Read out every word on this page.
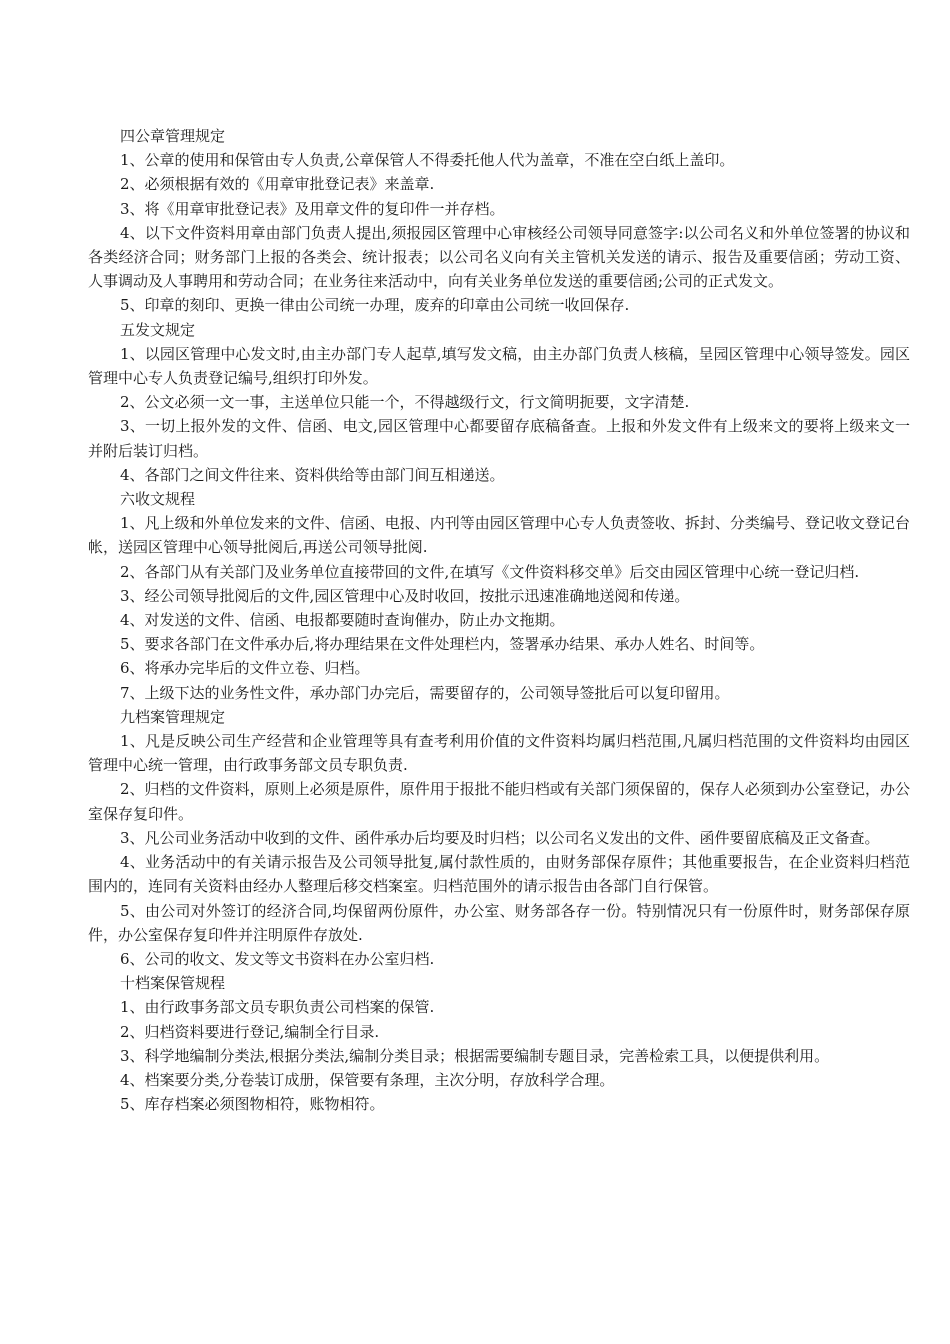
四公章管理规定

1、公章的使用和保管由专人负责,公章保管人不得委托他人代为盖章，不准在空白纸上盖印。

2、必须根据有效的《用章审批登记表》来盖章.

3、将《用章审批登记表》及用章文件的复印件一并存档。

4、以下文件资料用章由部门负责人提出,须报园区管理中心审核经公司领导同意签字:以公司名义和外单位签署的协议和各类经济合同；财务部门上报的各类会、统计报表；以公司名义向有关主管机关发送的请示、报告及重要信函；劳动工资、人事调动及人事聘用和劳动合同；在业务往来活动中，向有关业务单位发送的重要信函;公司的正式发文。

5、印章的刻印、更换一律由公司统一办理，废弃的印章由公司统一收回保存.

五发文规定

1、以园区管理中心发文时,由主办部门专人起草,填写发文稿，由主办部门负责人核稿，呈园区管理中心领导签发。园区管理中心专人负责登记编号,组织打印外发。

2、公文必须一文一事，主送单位只能一个，不得越级行文，行文简明扼要，文字清楚.

3、一切上报外发的文件、信函、电文,园区管理中心都要留存底稿备查。上报和外发文件有上级来文的要将上级来文一并附后装订归档。

4、各部门之间文件往来、资料供给等由部门间互相递送。

六收文规程

1、凡上级和外单位发来的文件、信函、电报、内刊等由园区管理中心专人负责签收、拆封、分类编号、登记收文登记台帐，送园区管理中心领导批阅后,再送公司领导批阅.

2、各部门从有关部门及业务单位直接带回的文件,在填写《文件资料移交单》后交由园区管理中心统一登记归档.

3、经公司领导批阅后的文件,园区管理中心及时收回，按批示迅速准确地送阅和传递。

4、对发送的文件、信函、电报都要随时查询催办，防止办文拖期。

5、要求各部门在文件承办后,将办理结果在文件处理栏内，签署承办结果、承办人姓名、时间等。

6、将承办完毕后的文件立卷、归档。

7、上级下达的业务性文件，承办部门办完后，需要留存的，公司领导签批后可以复印留用。

九档案管理规定

1、凡是反映公司生产经营和企业管理等具有查考利用价值的文件资料均属归档范围,凡属归档范围的文件资料均由园区管理中心统一管理，由行政事务部文员专职负责.

2、归档的文件资料，原则上必须是原件，原件用于报批不能归档或有关部门须保留的，保存人必须到办公室登记，办公室保存复印件。

3、凡公司业务活动中收到的文件、函件承办后均要及时归档；以公司名义发出的文件、函件要留底稿及正文备查。

4、业务活动中的有关请示报告及公司领导批复,属付款性质的，由财务部保存原件；其他重要报告，在企业资料归档范围内的，连同有关资料由经办人整理后移交档案室。归档范围外的请示报告由各部门自行保管。

5、由公司对外签订的经济合同,均保留两份原件，办公室、财务部各存一份。特别情况只有一份原件时，财务部保存原件，办公室保存复印件并注明原件存放处.

6、公司的收文、发文等文书资料在办公室归档.

十档案保管规程

1、由行政事务部文员专职负责公司档案的保管.

2、归档资料要进行登记,编制全行目录.

3、科学地编制分类法,根据分类法,编制分类目录；根据需要编制专题目录，完善检索工具，以便提供利用。

4、档案要分类,分卷装订成册，保管要有条理，主次分明，存放科学合理。

5、库存档案必须图物相符，账物相符。
